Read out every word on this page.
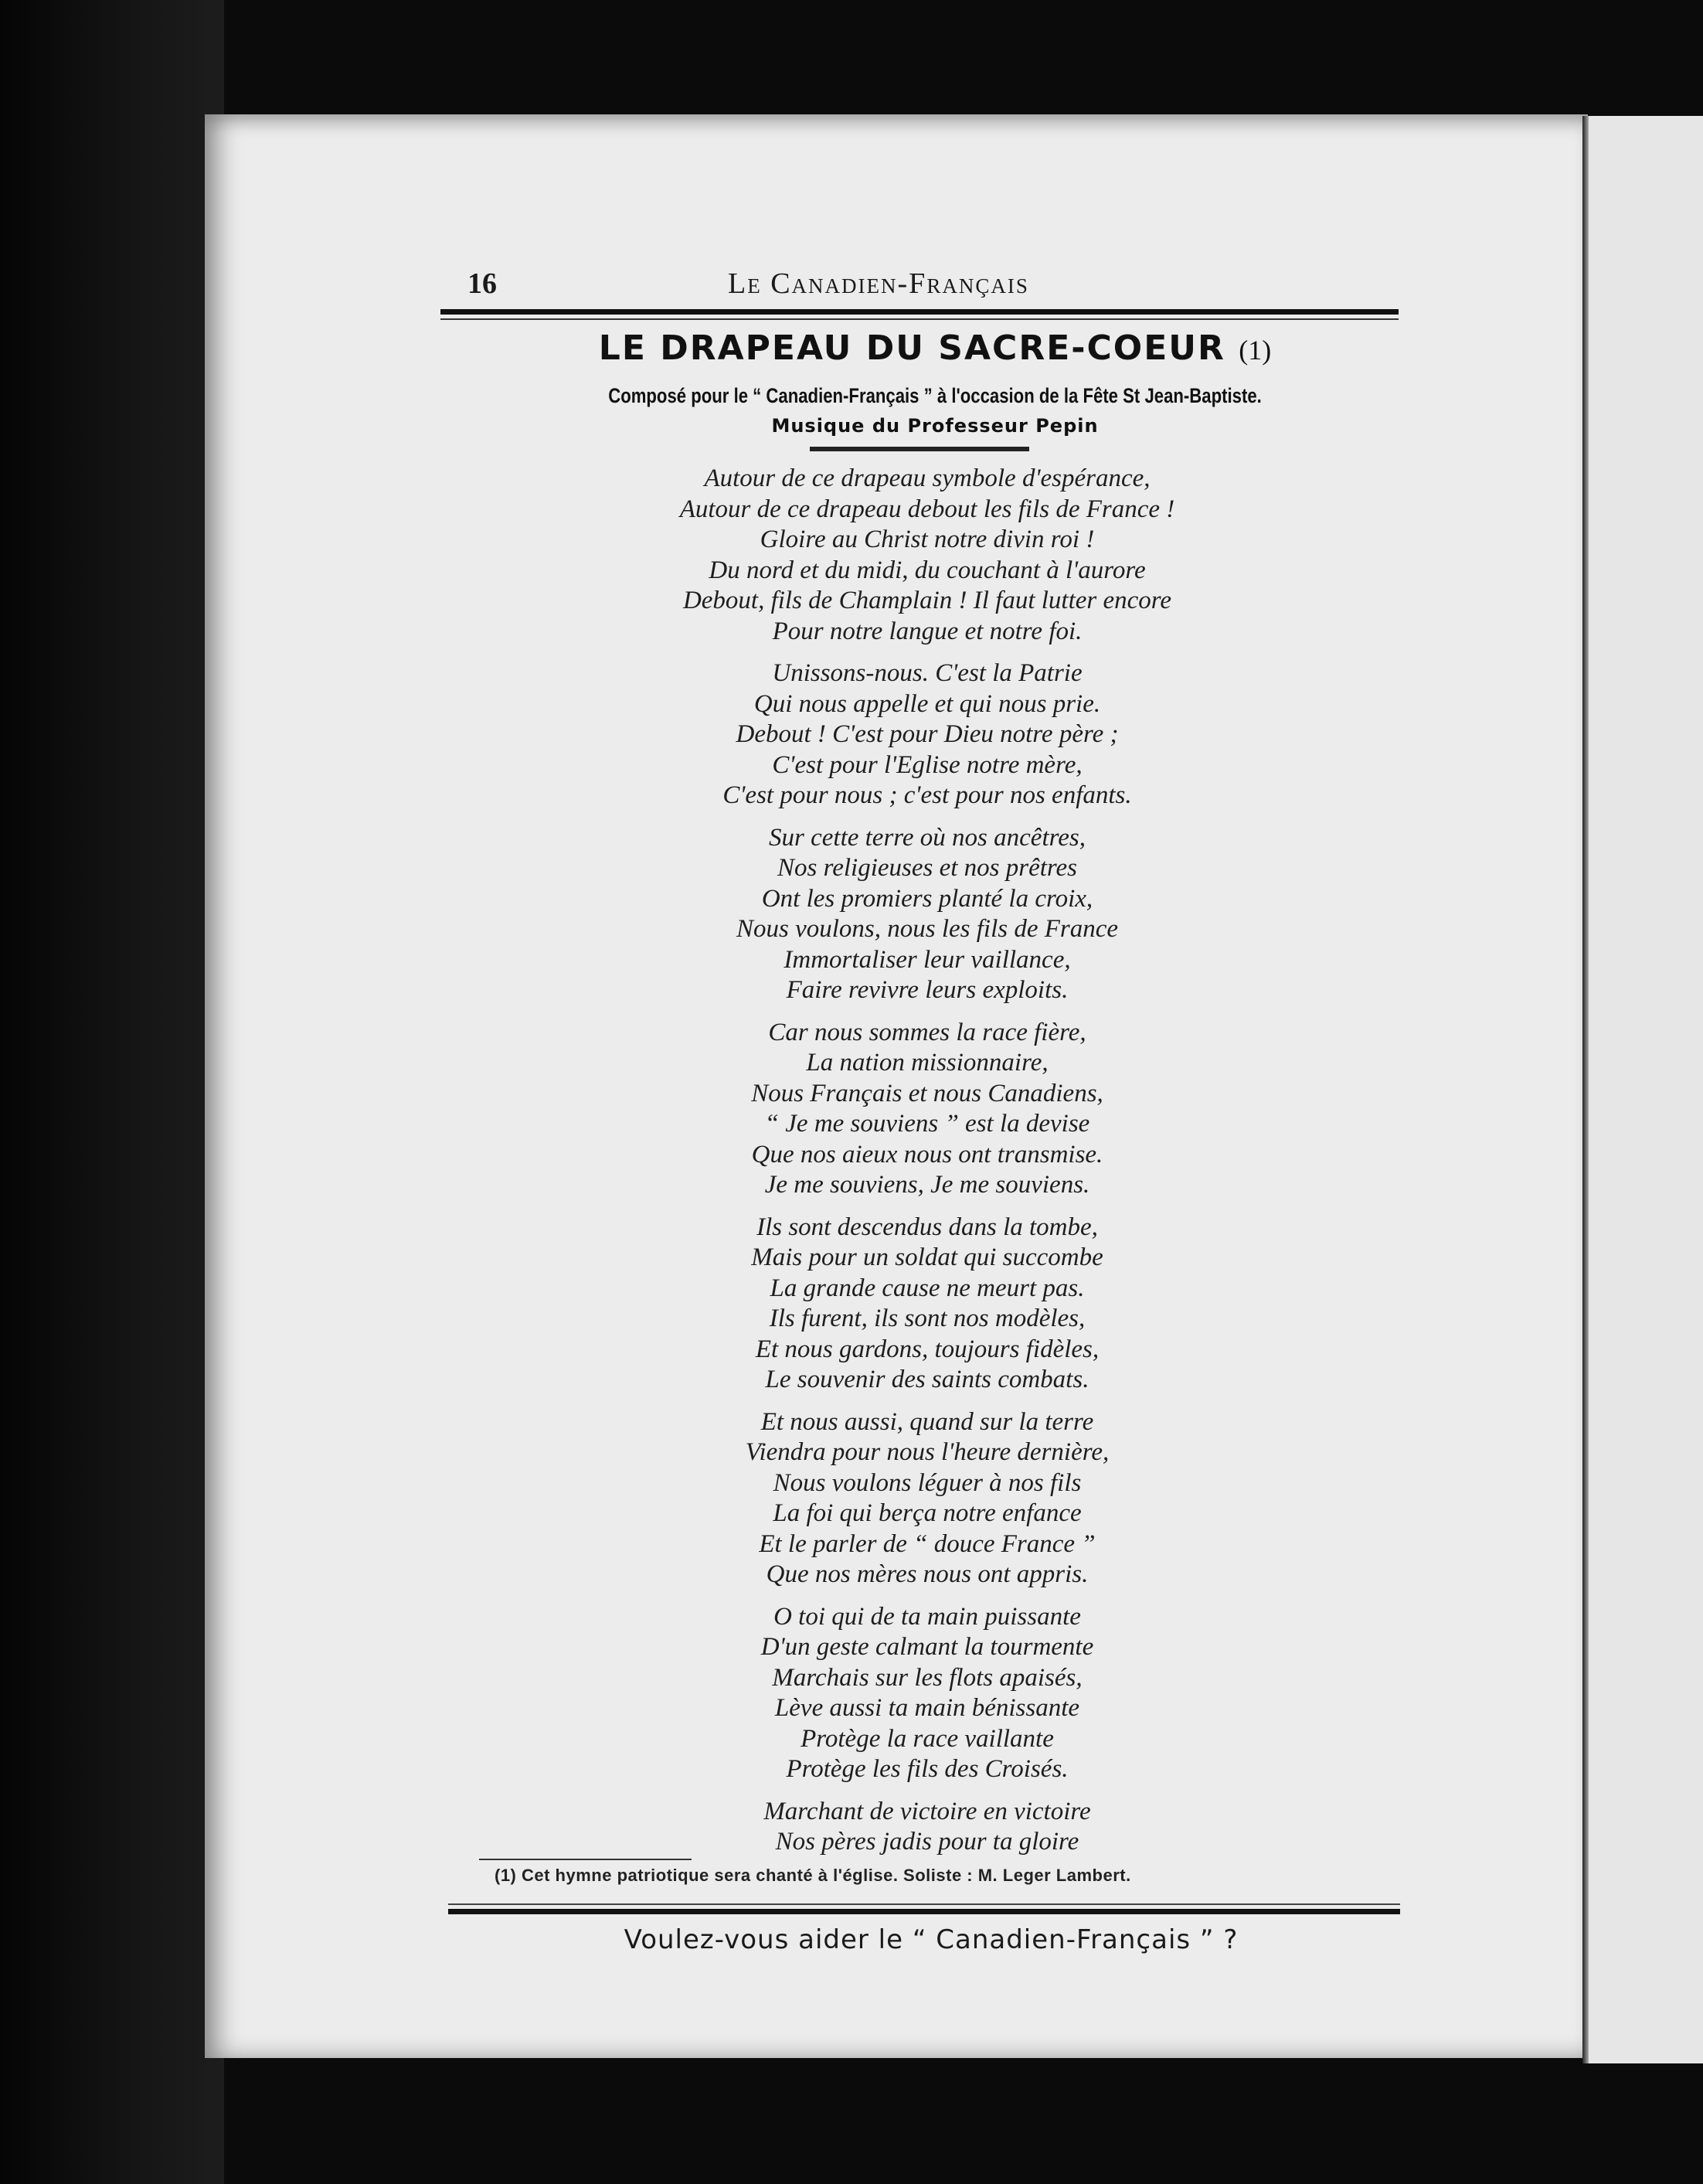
16	Le Canadien-Français
LE DRAPEAU DU SACRE-COEUR (1)
Composé pour le “ Canadien-Français ” à l'occasion de la Fête St Jean-Baptiste.
Musique du Professeur Pepin
Autour de ce drapeau symbole d'espérance,
Autour de ce drapeau debout les fils de France !
Gloire au Christ notre divin roi !
Du nord et du midi, du couchant à l'aurore
Debout, fils de Champlain ! Il faut lutter encore
Pour notre langue et notre foi.
Unissons-nous. C'est la Patrie
Qui nous appelle et qui nous prie.
Debout ! C'est pour Dieu notre père ;
C'est pour l'Eglise notre mère,
C'est pour nous ; c'est pour nos enfants.
Sur cette terre où nos ancêtres,
Nos religieuses et nos prêtres
Ont les promiers planté la croix,
Nous voulons, nous les fils de France
Immortaliser leur vaillance,
Faire revivre leurs exploits.
Car nous sommes la race fière,
La nation missionnaire,
Nous Français et nous Canadiens,
“ Je me souviens ” est la devise
Que nos aieux nous ont transmise.
Je me souviens, Je me souviens.
Ils sont descendus dans la tombe,
Mais pour un soldat qui succombe
La grande cause ne meurt pas.
Ils furent, ils sont nos modèles,
Et nous gardons, toujours fidèles,
Le souvenir des saints combats.
Et nous aussi, quand sur la terre
Viendra pour nous l'heure dernière,
Nous voulons léguer à nos fils
La foi qui berça notre enfance
Et le parler de “ douce France ”
Que nos mères nous ont appris.
O toi qui de ta main puissante
D'un geste calmant la tourmente
Marchais sur les flots apaisés,
Lève aussi ta main bénissante
Protège la race vaillante
Protège les fils des Croisés.
Marchant de victoire en victoire
Nos pères jadis pour ta gloire
(1) Cet hymne patriotique sera chanté à l'église. Soliste : M. Leger Lambert.
Voulez-vous aider le “ Canadien-Français ” ?
